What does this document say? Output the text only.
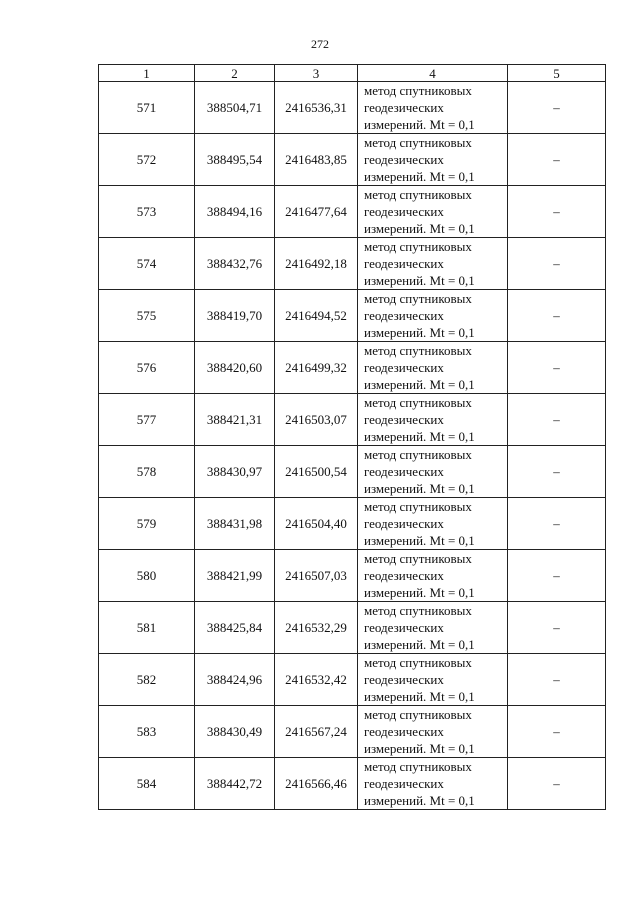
272
1	2	3	4	5
571	388504,71	2416536,31	метод спутниковых
геодезических
измерений. Mt = 0,1	–
572	388495,54	2416483,85	метод спутниковых
геодезических
измерений. Mt = 0,1	–
573	388494,16	2416477,64	метод спутниковых
геодезических
измерений. Mt = 0,1	–
574	388432,76	2416492,18	метод спутниковых
геодезических
измерений. Mt = 0,1	–
575	388419,70	2416494,52	метод спутниковых
геодезических
измерений. Mt = 0,1	–
576	388420,60	2416499,32	метод спутниковых
геодезических
измерений. Mt = 0,1	–
577	388421,31	2416503,07	метод спутниковых
геодезических
измерений. Mt = 0,1	–
578	388430,97	2416500,54	метод спутниковых
геодезических
измерений. Mt = 0,1	–
579	388431,98	2416504,40	метод спутниковых
геодезических
измерений. Mt = 0,1	–
580	388421,99	2416507,03	метод спутниковых
геодезических
измерений. Mt = 0,1	–
581	388425,84	2416532,29	метод спутниковых
геодезических
измерений. Mt = 0,1	–
582	388424,96	2416532,42	метод спутниковых
геодезических
измерений. Mt = 0,1	–
583	388430,49	2416567,24	метод спутниковых
геодезических
измерений. Mt = 0,1	–
584	388442,72	2416566,46	метод спутниковых
геодезических
измерений. Mt = 0,1	–
